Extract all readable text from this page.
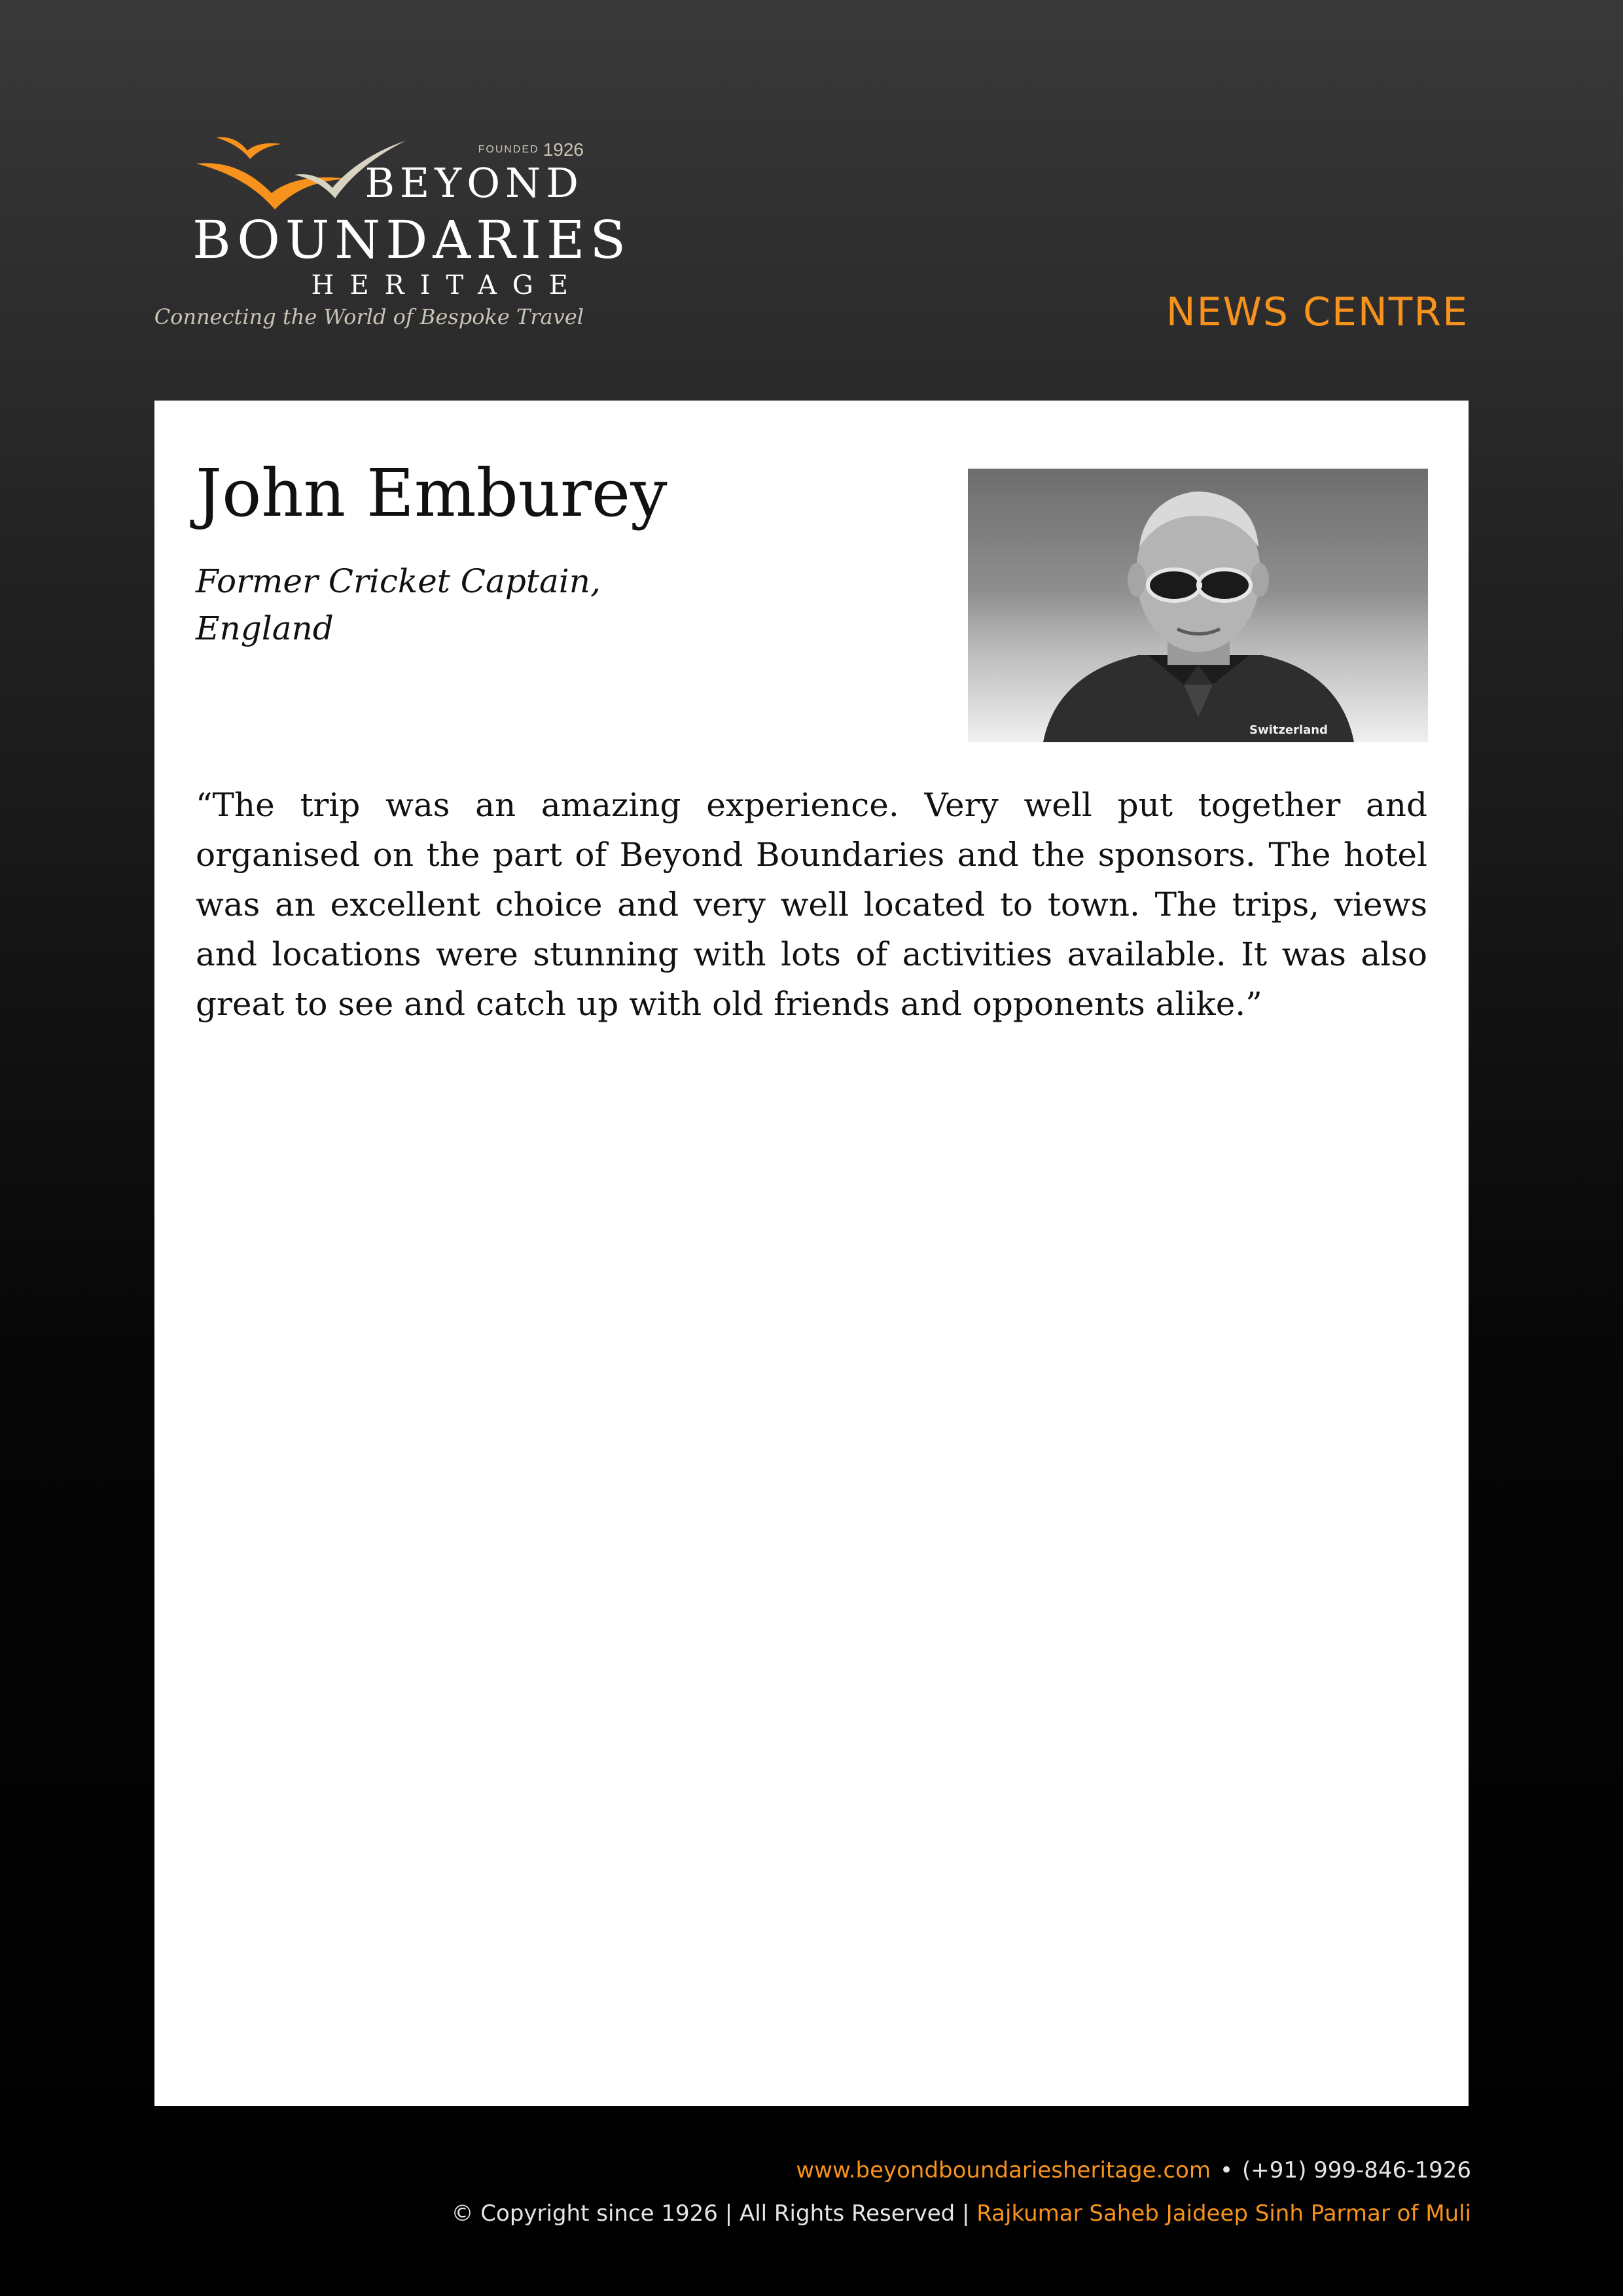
FOUNDED 1926
BEYOND
BOUNDARIES
HERITAGE
Connecting the World of Bespoke Travel	NEWS CENTRE
John Emburey
Former Cricket Captain,
England
Switzerland

“The trip was an amazing experience. Very well put together and organised on the part of Beyond Boundaries and the sponsors. The hotel was an excellent choice and very well located to town. The trips, views and locations were stunning with lots of activities available. It was also great to see and catch up with old friends and opponents alike.”

www.beyondboundariesheritage.com • (+91) 999-846-1926
© Copyright since 1926 | All Rights Reserved | Rajkumar Saheb Jaideep Sinh Parmar of Muli
